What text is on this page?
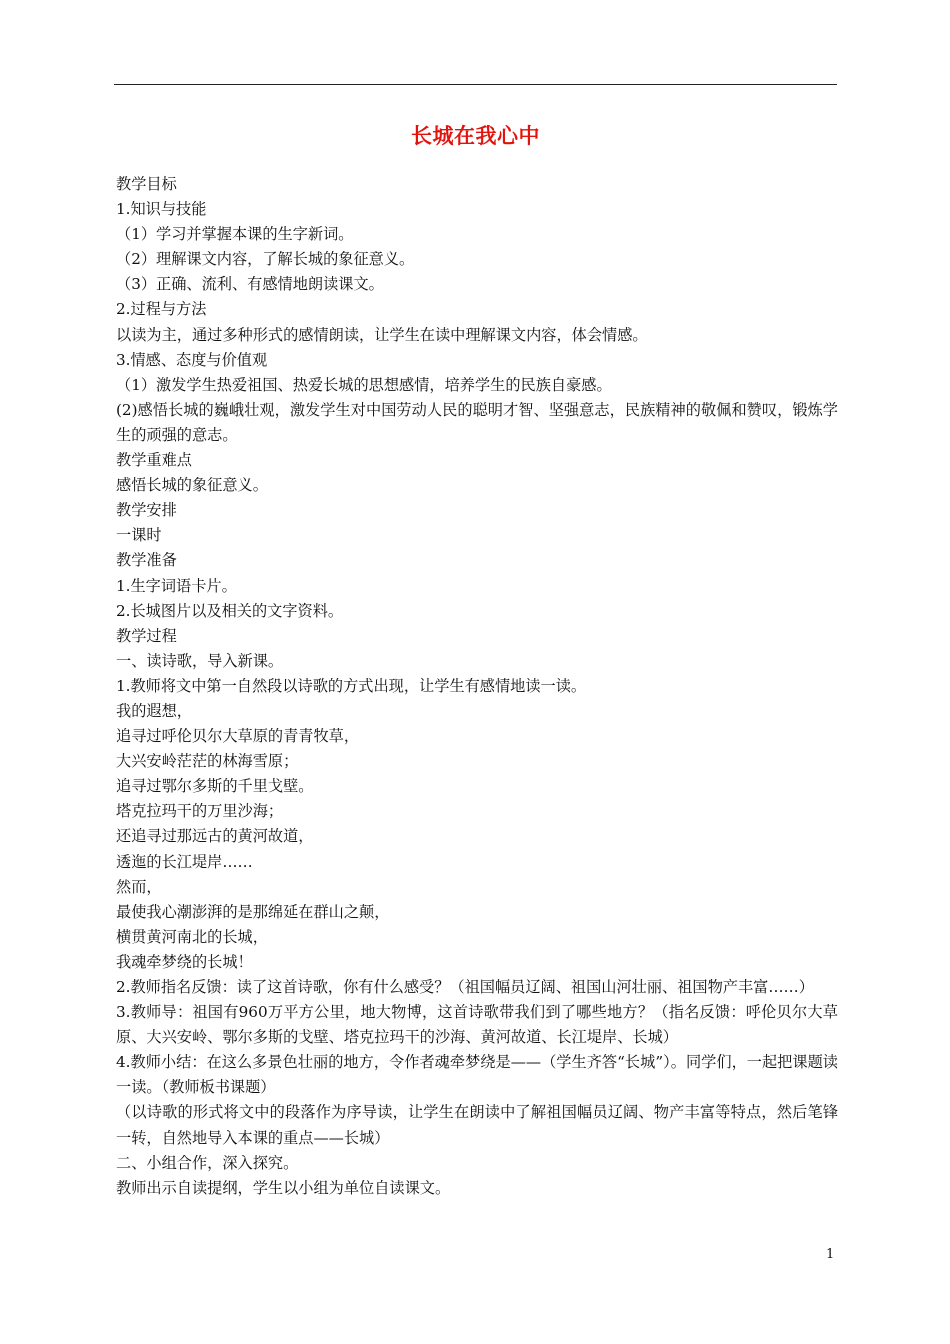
长城在我心中

教学目标

1.知识与技能

（1）学习并掌握本课的生字新词。

（2）理解课文内容，了解长城的象征意义。

（3）正确、流利、有感情地朗读课文。

2.过程与方法

以读为主，通过多种形式的感情朗读，让学生在读中理解课文内容，体会情感。

3.情感、态度与价值观

（1）激发学生热爱祖国、热爱长城的思想感情，培养学生的民族自豪感。

(2)感悟长城的巍峨壮观，激发学生对中国劳动人民的聪明才智、坚强意志，民族精神的敬佩和赞叹，锻炼学生的顽强的意志。

教学重难点

感悟长城的象征意义。

教学安排

一课时

教学准备

1.生字词语卡片。

2.长城图片以及相关的文字资料。

教学过程

一、读诗歌，导入新课。

1.教师将文中第一自然段以诗歌的方式出现，让学生有感情地读一读。

我的遐想，

追寻过呼伦贝尔大草原的青青牧草，

大兴安岭茫茫的林海雪原；

追寻过鄂尔多斯的千里戈壁。

塔克拉玛干的万里沙海；

还追寻过那远古的黄河故道，

透迤的长江堤岸……

然而，

最使我心潮澎湃的是那绵延在群山之颠，

横贯黄河南北的长城，

我魂牵梦绕的长城！

2.教师指名反馈：读了这首诗歌，你有什么感受？（祖国幅员辽阔、祖国山河壮丽、祖国物产丰富……）

3.教师导：祖国有960万平方公里，地大物博，这首诗歌带我们到了哪些地方？（指名反馈：呼伦贝尔大草原、大兴安岭、鄂尔多斯的戈壁、塔克拉玛干的沙海、黄河故道、长江堤岸、长城）

4.教师小结：在这么多景色壮丽的地方，令作者魂牵梦绕是——（学生齐答“长城”）。同学们，一起把课题读一读。（教师板书课题）

（以诗歌的形式将文中的段落作为序导读，让学生在朗读中了解祖国幅员辽阔、物产丰富等特点，然后笔锋一转，自然地导入本课的重点——长城）

二、小组合作，深入探究。

教师出示自读提纲，学生以小组为单位自读课文。

1
